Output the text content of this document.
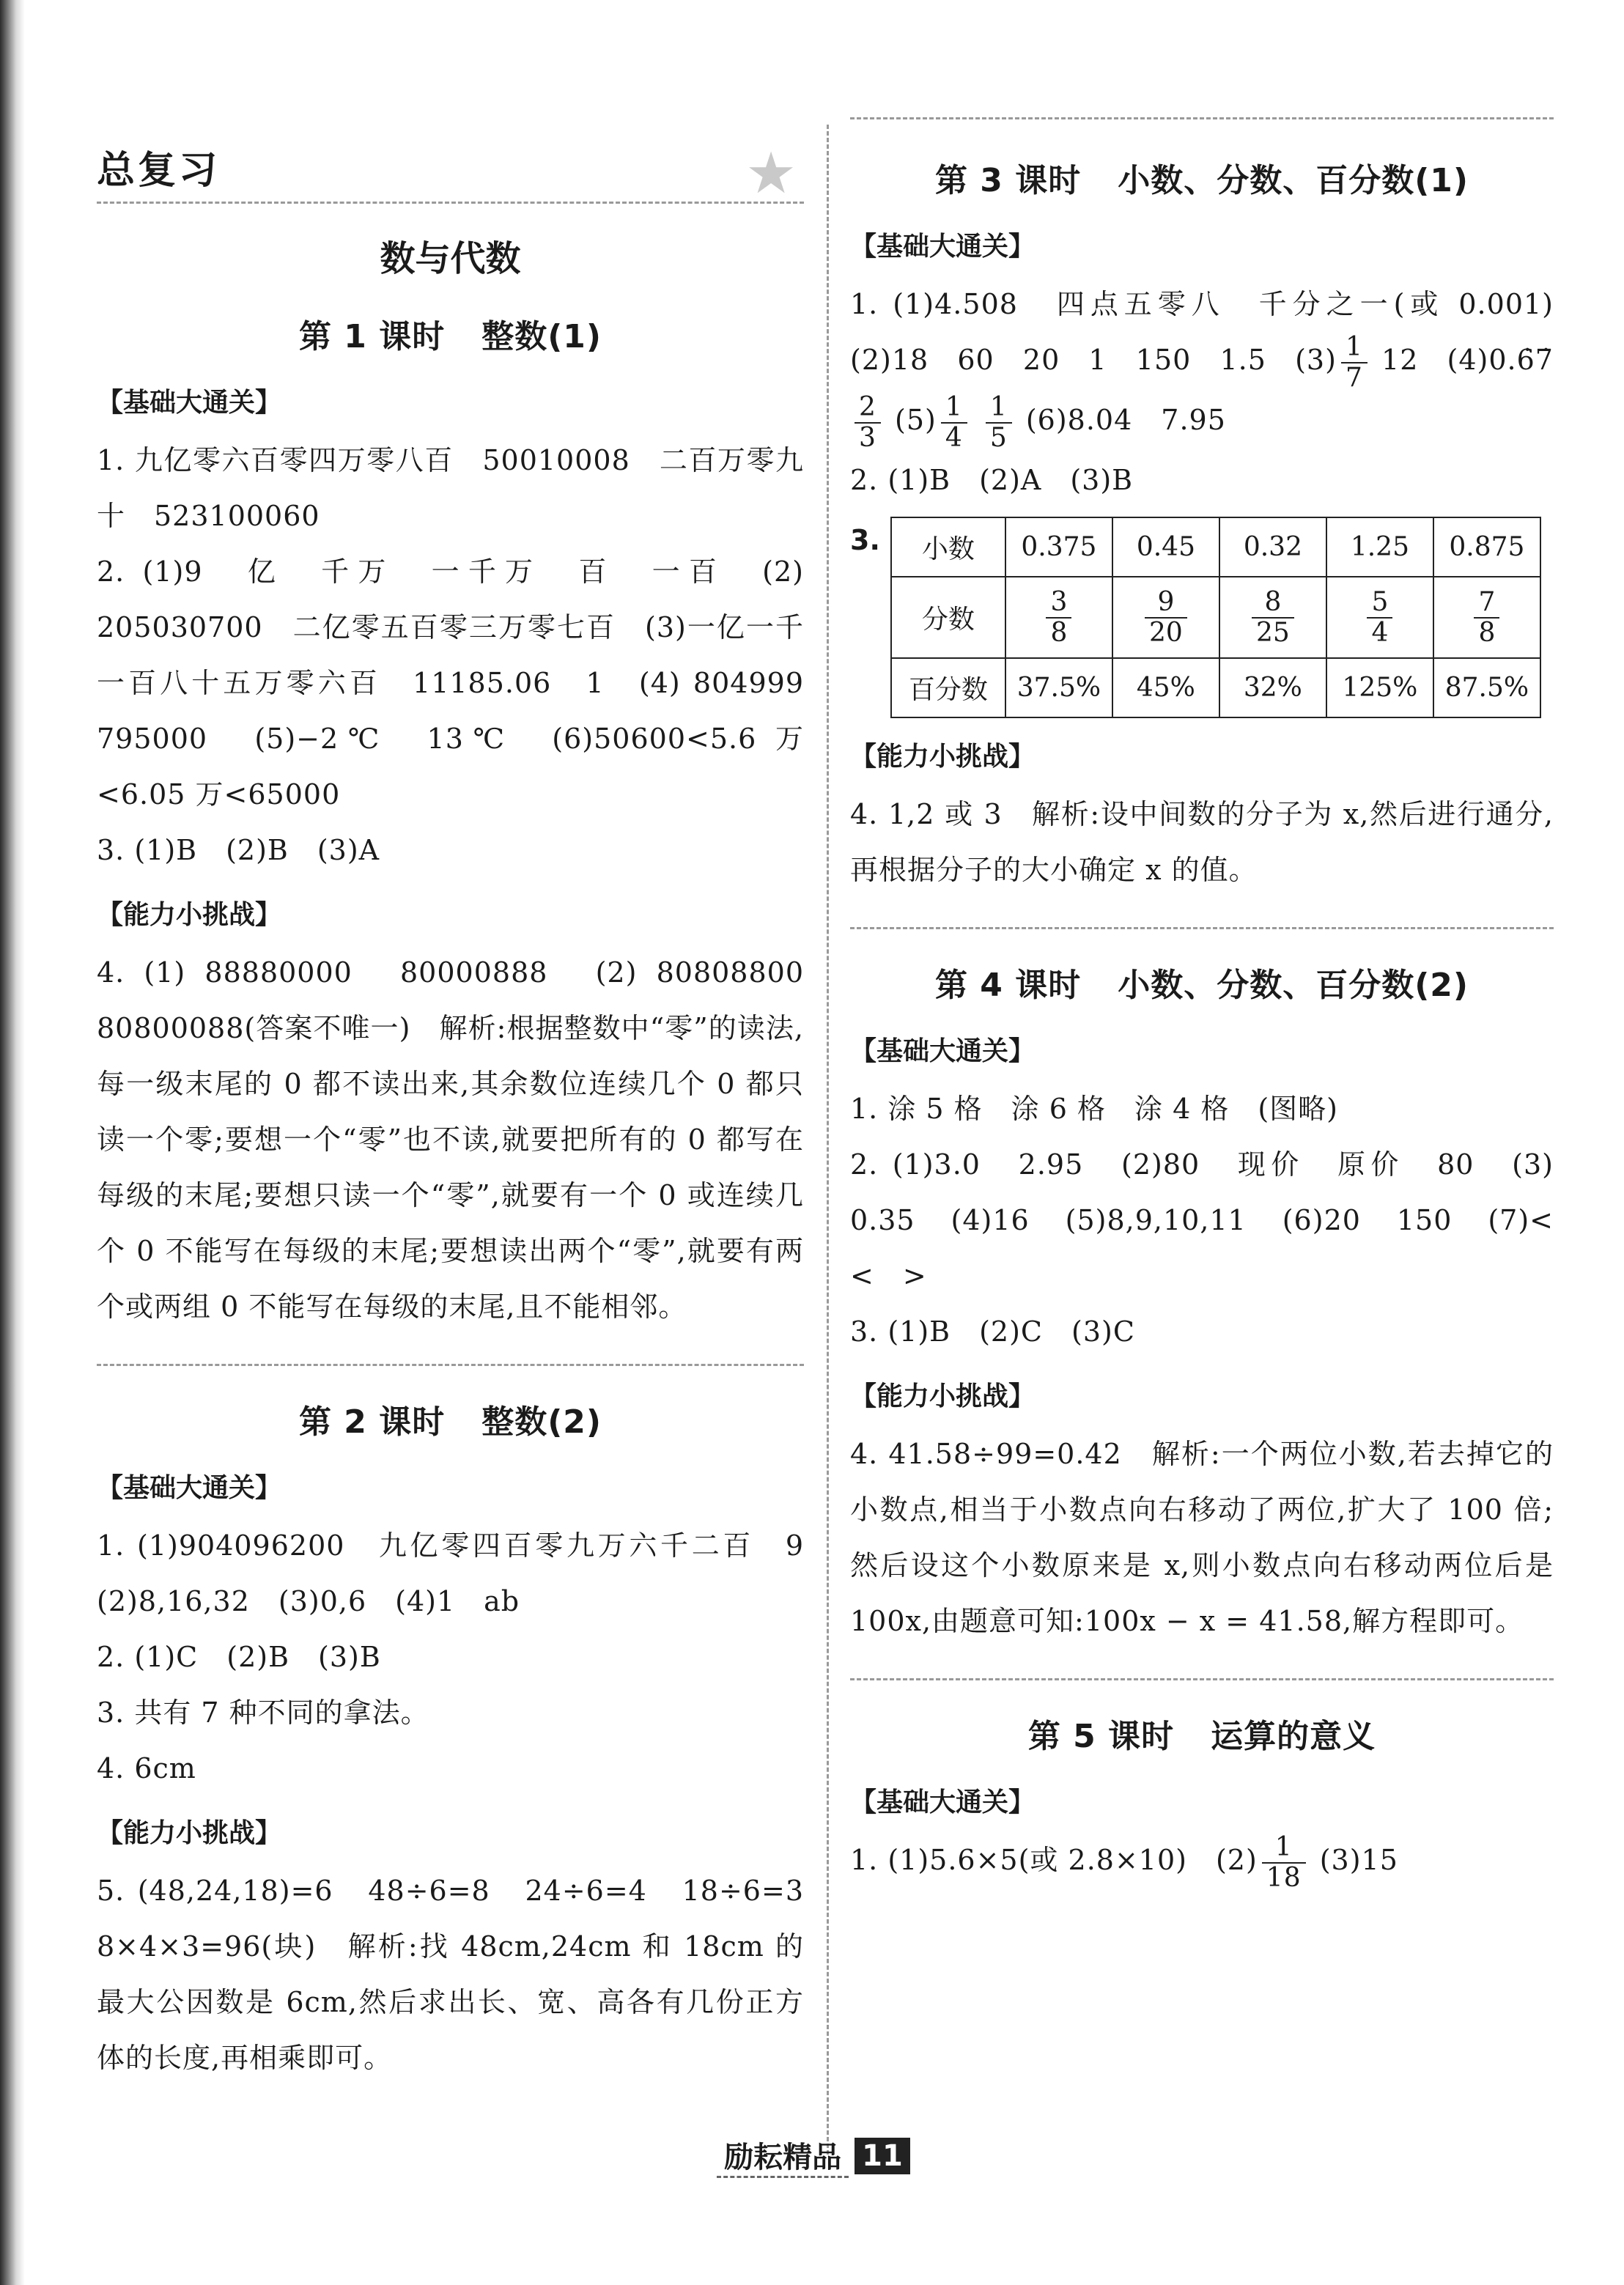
总复习	★
数与代数
第 1 课时 整数(1)
【基础大通关】

1. 九亿零六百零四万零八百　50010008　二百万零九十　523100060

2. (1)9　亿　千万　一千万　百　一百　(2) 205030700　二亿零五百零三万零七百　(3)一亿一千一百八十五万零六百　11185.06　1　(4) 804999　795000　(5)−2℃　13℃　(6)50600<5.6 万<6.05 万<65000

3. (1)B　(2)B　(3)A

【能力小挑战】

4. (1) 88880000　80000888　(2) 80808800　80800088(答案不唯一)　解析:根据整数中“零”的读法,每一级末尾的 0 都不读出来,其余数位连续几个 0 都只读一个零;要想一个“零”也不读,就要把所有的 0 都写在每级的末尾;要想只读一个“零”,就要有一个 0 或连续几个 0 不能写在每级的末尾;要想读出两个“零”,就要有两个或两组 0 不能写在每级的末尾,且不能相邻。

第 2 课时 整数(2)
【基础大通关】

1. (1)904096200　九亿零四百零九万六千二百　9　(2)8,16,32　(3)0,6　(4)1　ab

2. (1)C　(2)B　(3)B

3. 共有 7 种不同的拿法。

4. 6cm

【能力小挑战】

5. (48,24,18)=6　48÷6=8　24÷6=4　18÷6=3　8×4×3=96(块)　解析:找 48cm,24cm 和 18cm 的最大公因数是 6cm,然后求出长、宽、高各有几份正方体的长度,再相乘即可。

第 3 课时 小数、分数、百分数(1)
【基础大通关】

1. (1)4.508　四点五零八　千分之一(或 0.001)　(2)18　60　20　1　150　1.5　$(3) \frac{1}{7} 12$　(4)0.6̇7̇
$\frac{2}{3} (5) \frac{1}{4}$
$\frac{1}{5} (6)8.04$　7.95

2. (1)B　(2)A　(3)B

3. 小数	0.375	0.45	0.32	1.25	0.875
分数	$\frac{3}{8}$	$\frac{9}{20}$	$\frac{8}{25}$	$\frac{5}{4}$	$\frac{7}{8}$

百分数	37.5%	45%	32%	125%	87.5%
【能力小挑战】

4. 1,2 或 3　解析:设中间数的分子为 x,然后进行通分,再根据分子的大小确定 x 的值。

第 4 课时 小数、分数、百分数(2)
【基础大通关】

1. 涂 5 格　涂 6 格　涂 4 格　(图略)

2. (1)3.0　2.95　(2)80　现价　原价　80　(3) 0.35　(4)16　(5)8,9,10,11　(6)20　150　(7)<　<　>

3. (1)B　(2)C　(3)C

【能力小挑战】

4. 41.58÷99=0.42　解析:一个两位小数,若去掉它的小数点,相当于小数点向右移动了两位,扩大了 100 倍;然后设这个小数原来是 x,则小数点向右移动两位后是 100x,由题意可知:100x − x = 41.58,解方程即可。

第 5 课时 运算的意义
【基础大通关】

1. (1)5.6×5(或 2.8×10)　$(2) \frac{1}{18} (3)15$

励耘精品 11
